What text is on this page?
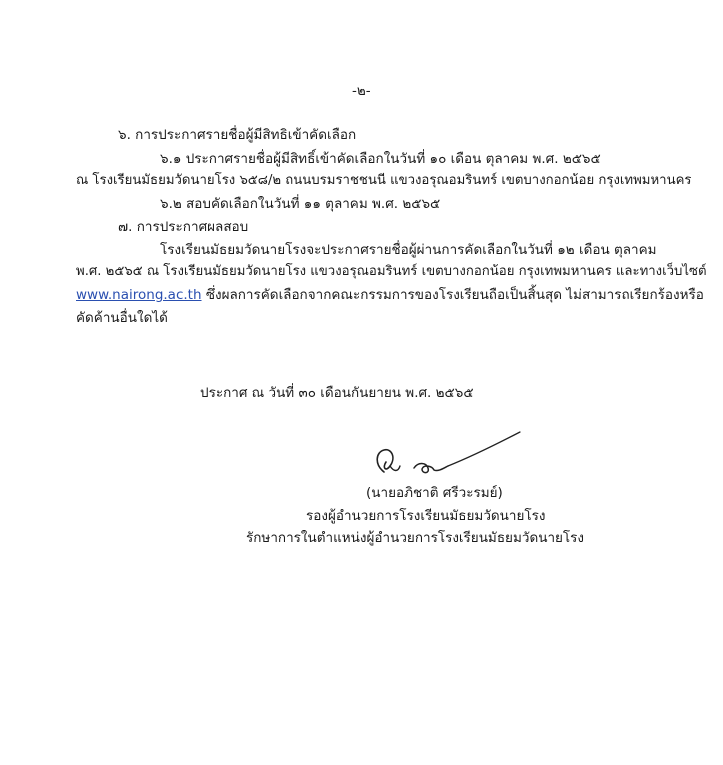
-๒-
๖. การประกาศรายชื่อผู้มีสิทธิเข้าคัดเลือก
๖.๑ ประกาศรายชื่อผู้มีสิทธิ์เข้าคัดเลือกในวันที่ ๑๐ เดือน ตุลาคม พ.ศ. ๒๕๖๕
ณ โรงเรียนมัธยมวัดนายโรง ๖๕๘/๒ ถนนบรมราชชนนี แขวงอรุณอมรินทร์ เขตบางกอกน้อย กรุงเทพมหานคร
๖.๒ สอบคัดเลือกในวันที่ ๑๑ ตุลาคม พ.ศ. ๒๕๖๕
๗. การประกาศผลสอบ
โรงเรียนมัธยมวัดนายโรงจะประกาศรายชื่อผู้ผ่านการคัดเลือกในวันที่ ๑๒ เดือน ตุลาคม
พ.ศ. ๒๕๖๕ ณ โรงเรียนมัธยมวัดนายโรง แขวงอรุณอมรินทร์ เขตบางกอกน้อย กรุงเทพมหานคร และทางเว็บไซต์
www.nairong.ac.th ซึ่งผลการคัดเลือกจากคณะกรรมการของโรงเรียนถือเป็นสิ้นสุด ไม่สามารถเรียกร้องหรือ
คัดค้านอื่นใดได้
ประกาศ ณ วันที่ ๓๐ เดือนกันยายน พ.ศ. ๒๕๖๕
(นายอภิชาติ ศรีวะรมย์)
รองผู้อำนวยการโรงเรียนมัธยมวัดนายโรง
รักษาการในตำแหน่งผู้อำนวยการโรงเรียนมัธยมวัดนายโรง
